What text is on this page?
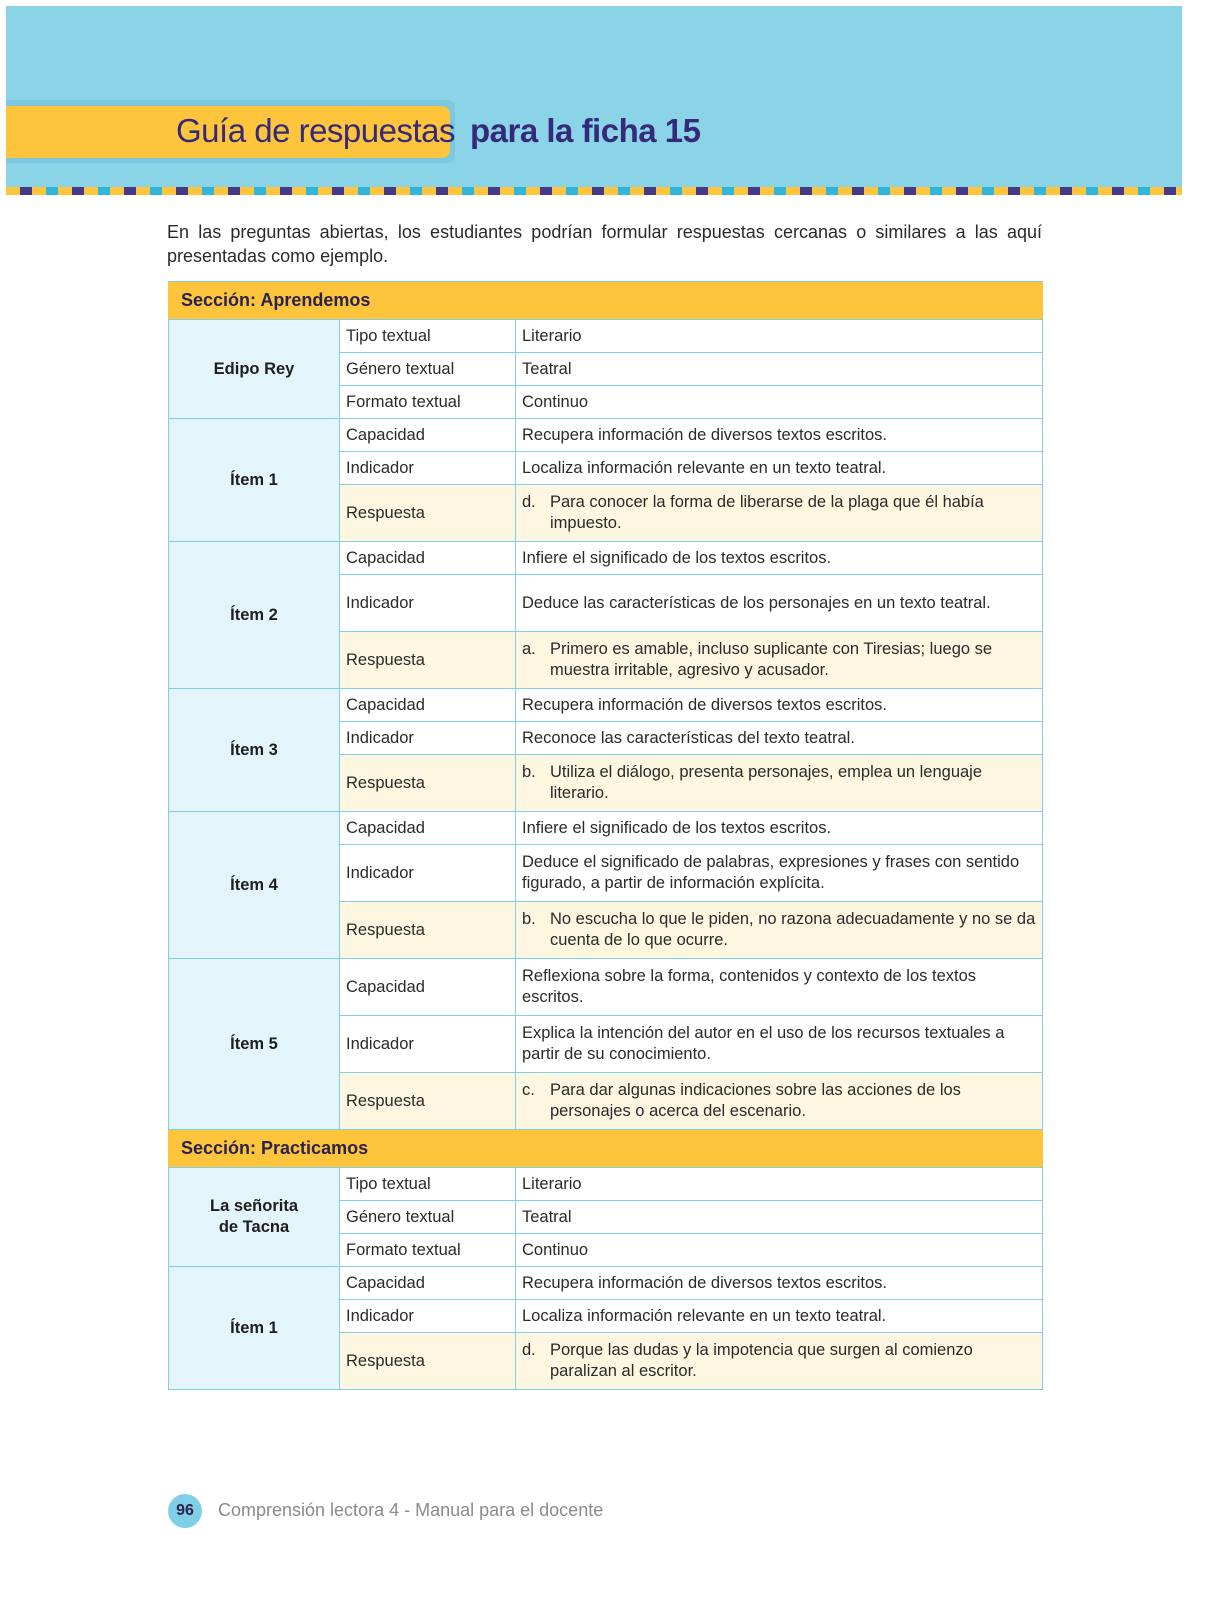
Guía de respuestas para la ficha 15

En las preguntas abiertas, los estudiantes podrían formular respuestas cercanas o similares a las aquí presentadas como ejemplo.

Sección: Aprendemos		
Edipo Rey	Tipo textual	Literario
	Género textual	Teatral
	Formato textual	Continuo
Ítem 1	Capacidad	Recupera información de diversos textos escritos.
	Indicador	Localiza información relevante en un texto teatral.
	Respuesta	d. Para conocer la forma de liberarse de la plaga que él había impuesto.

Ítem 2	Capacidad	Infiere el significado de los textos escritos.
	Indicador	Deduce las características de los personajes en un texto teatral.
	Respuesta	a. Primero es amable, incluso suplicante con Tiresias; luego se muestra irritable, agresivo y acusador.

Ítem 3	Capacidad	Recupera información de diversos textos escritos.
	Indicador	Reconoce las características del texto teatral.
	Respuesta	b. Utiliza el diálogo, presenta personajes, emplea un lenguaje literario.

Ítem 4	Capacidad	Infiere el significado de los textos escritos.
	Indicador	Deduce el significado de palabras, expresiones y frases con sentido figurado, a partir de información explícita.
	Respuesta	b. No escucha lo que le piden, no razona adecuadamente y no se da cuenta de lo que ocurre.

Ítem 5	Capacidad	Reflexiona sobre la forma, contenidos y contexto de los textos escritos.
	Indicador	Explica la intención del autor en el uso de los recursos textuales a partir de su conocimiento.
	Respuesta	c. Para dar algunas indicaciones sobre las acciones de los personajes o acerca del escenario.

Sección: Practicamos		

La señorita de Tacna	Tipo textual	Literario
	Género textual	Teatral
	Formato textual	Continuo
Ítem 1	Capacidad	Recupera información de diversos textos escritos.
	Indicador	Localiza información relevante en un texto teatral.
	Respuesta	d. Porque las dudas y la impotencia que surgen al comienzo paralizan al escritor.
96 Comprensión lectora 4 - Manual para el docente
